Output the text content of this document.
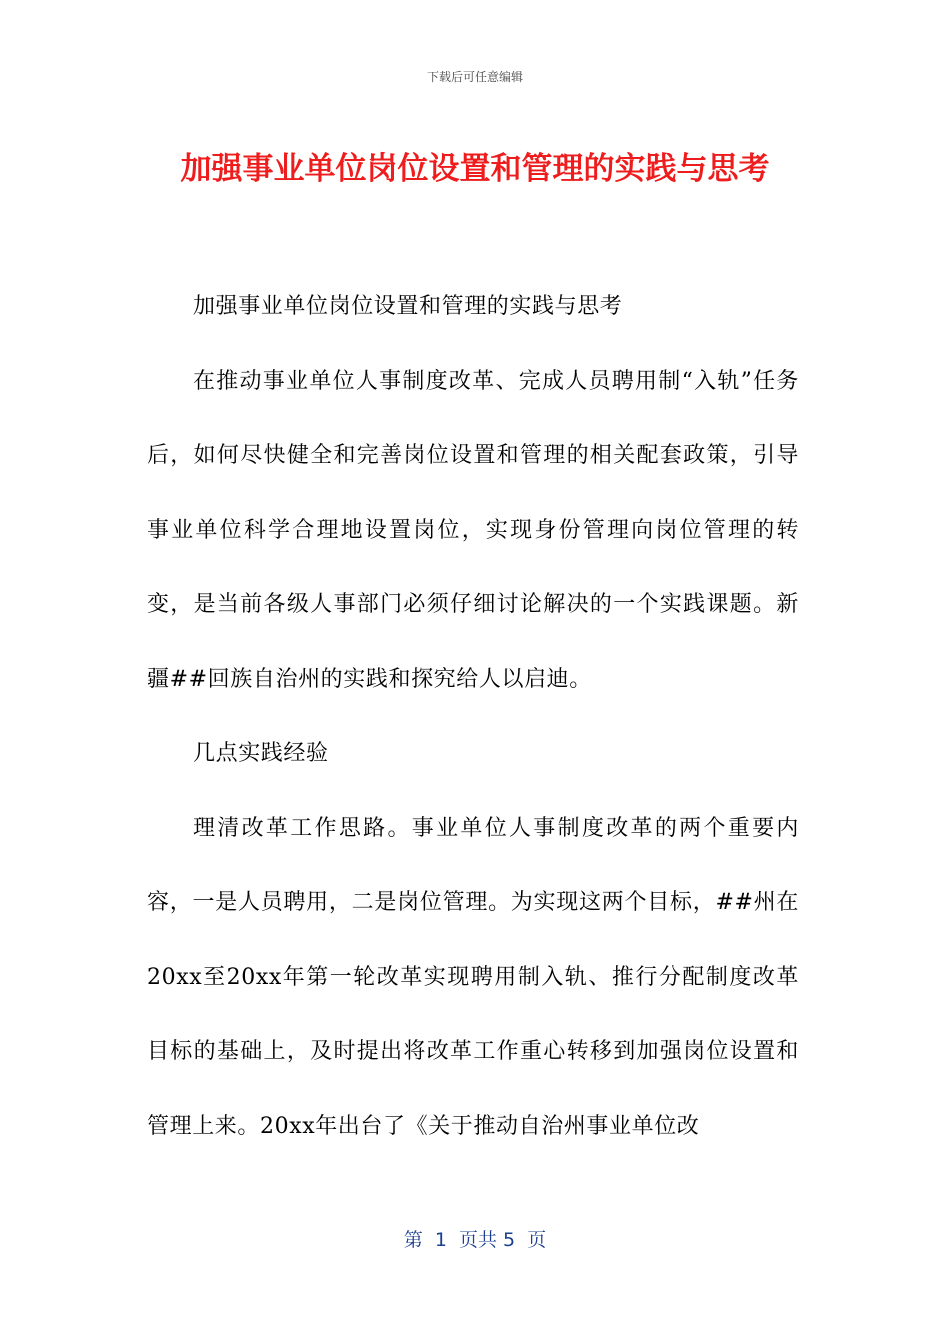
下载后可任意编辑
加强事业单位岗位设置和管理的实践与思考

加强事业单位岗位设置和管理的实践与思考

在推动事业单位人事制度改革、完成人员聘用制“入轨”任务后，如何尽快健全和完善岗位设置和管理的相关配套政策，引导事业单位科学合理地设置岗位，实现身份管理向岗位管理的转变，是当前各级人事部门必须仔细讨论解决的一个实践课题。新疆##回族自治州的实践和探究给人以启迪。

几点实践经验

理清改革工作思路。事业单位人事制度改革的两个重要内容，一是人员聘用，二是岗位管理。为实现这两个目标，##州在20xx至20xx年第一轮改革实现聘用制入轨、推行分配制度改革目标的基础上，及时提出将改革工作重心转移到加强岗位设置和管理上来。20xx年出台了《关于推动自治州事业单位改

第  1  页共 5  页
